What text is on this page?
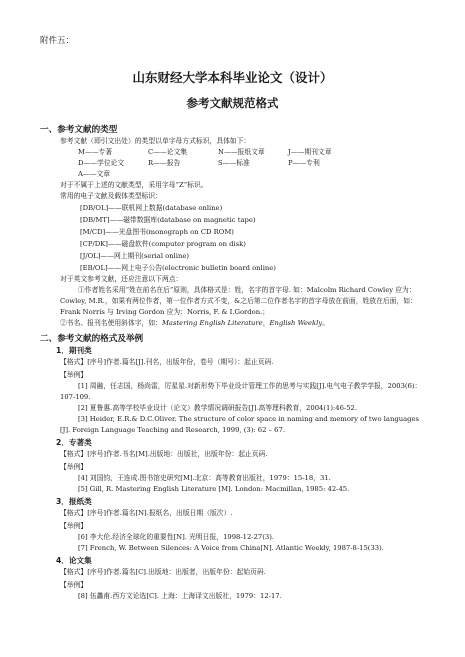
附件五：

山东财经大学本科毕业论文（设计）

参考文献规范格式

一、参考文献的类型

参考文献（即引文出处）的类型以单字母方式标识，具体如下：

M——专著	C——论文集	N——报纸文章	J——期刊文章
D——学位论文	R——报告	S——标准	P——专利
A——文章

对于不属于上述的文献类型，采用字母“Z”标识。

常用的电子文献及载体类型标识：

[DB/OL]——联机网上数据(database online)

[DB/MT]——磁带数据库(database on magnetic tape)

[M/CD]——光盘图书(monograph on CD ROM)

[CP/DK]——磁盘软件(computer program on disk)

[J/OL]——网上期刊(serial online)

[EB/OL]——网上电子公告(electronic bulletin board online)

对于英文参考文献，还应注意以下两点：

①作者姓名采用“姓在前名在后”原则，具体格式是：姓，名字的首字母. 如：Malcolm Richard Cowley 应为：Cowley, M.R.，如果有两位作者，第一位作者方式不变，&之后第二位作者名字的首字母放在前面，姓放在后面，如：Frank Norris 与 Irving Gordon 应为：Norris, F. & I.Gordon.；

②书名、报刊名使用斜体字，如：Mastering English Literature，English Weekly。

二、参考文献的格式及举例

1．期刊类

【格式】[序号]作者.篇名[J].刊名，出版年份，卷号（期号）：起止页码.

【举例】

[1] 周融，任志国，杨尚雷，厉星星.对新形势下毕业设计管理工作的思考与实践[J].电气电子教学学报，2003(6)：107-109.

[2] 夏鲁惠.高等学校毕业设计（论文）教学情况调研报告[J].高等理科教育，2004(1):46-52.

[3] Heider, E.R.& D.C.Oliver. The structure of color space in naming and memory of two languages [J]. Foreign Language Teaching and Research, 1999, (3): 62 – 67.

2．专著类

【格式】[序号]作者.书名[M].出版地：出版社，出版年份：起止页码.

【举例】

[4] 刘国钧，王连成.图书馆史研究[M].北京：高等教育出版社，1979：15-18，31.

[5] Gill, R. Mastering English Literature [M]. London: Macmillan, 1985: 42-45.

3．报纸类

【格式】[序号]作者.篇名[N].报纸名，出版日期（版次）.

【举例】

[6] 李大伦.经济全球化的重要性[N]. 光明日报，1998-12-27(3).

[7] French, W. Between Silences: A Voice from China[N]. Atlantic Weekly, 1987-8-15(33).

4．论文集

【格式】[序号]作者.篇名[C].出版地：出版者，出版年份：起始页码.

【举例】

[8] 伍蠡甫.西方文论选[C]. 上海：上海译文出版社，1979：12-17.
